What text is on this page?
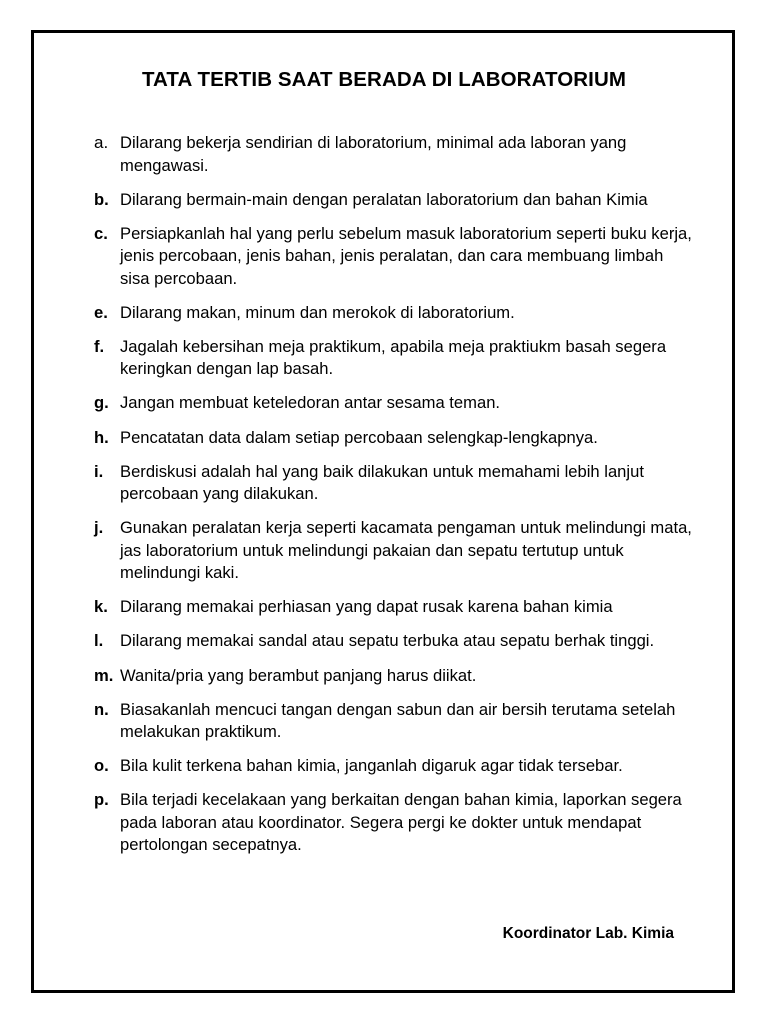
TATA TERTIB SAAT BERADA DI LABORATORIUM
a. Dilarang bekerja sendirian di laboratorium, minimal ada laboran yang mengawasi.
b. Dilarang bermain-main dengan peralatan laboratorium dan bahan Kimia
c. Persiapkanlah hal yang perlu sebelum masuk laboratorium seperti buku kerja, jenis percobaan, jenis bahan, jenis peralatan, dan cara membuang limbah sisa percobaan.
e. Dilarang makan, minum dan merokok di laboratorium.
f. Jagalah kebersihan meja praktikum, apabila meja praktiukm basah segera keringkan dengan lap basah.
g. Jangan membuat keteledoran antar sesama teman.
h. Pencatatan data dalam setiap percobaan selengkap-lengkapnya.
i.	Berdiskusi adalah hal yang baik dilakukan untuk memahami lebih lanjut percobaan yang dilakukan.
j.	Gunakan peralatan kerja seperti kacamata pengaman untuk melindungi mata, jas laboratorium untuk melindungi pakaian dan sepatu tertutup untuk melindungi kaki.
k. Dilarang memakai perhiasan yang dapat rusak karena bahan kimia
l.	Dilarang memakai sandal atau sepatu terbuka atau sepatu berhak tinggi.
m. Wanita/pria yang berambut panjang harus diikat.
n. Biasakanlah mencuci tangan dengan sabun dan air bersih terutama setelah melakukan praktikum.
o. Bila kulit terkena bahan kimia, janganlah digaruk agar tidak tersebar.
p. Bila terjadi kecelakaan yang berkaitan dengan bahan kimia, laporkan segera pada laboran atau koordinator. Segera pergi ke dokter untuk mendapat pertolongan secepatnya.
Koordinator Lab. Kimia
